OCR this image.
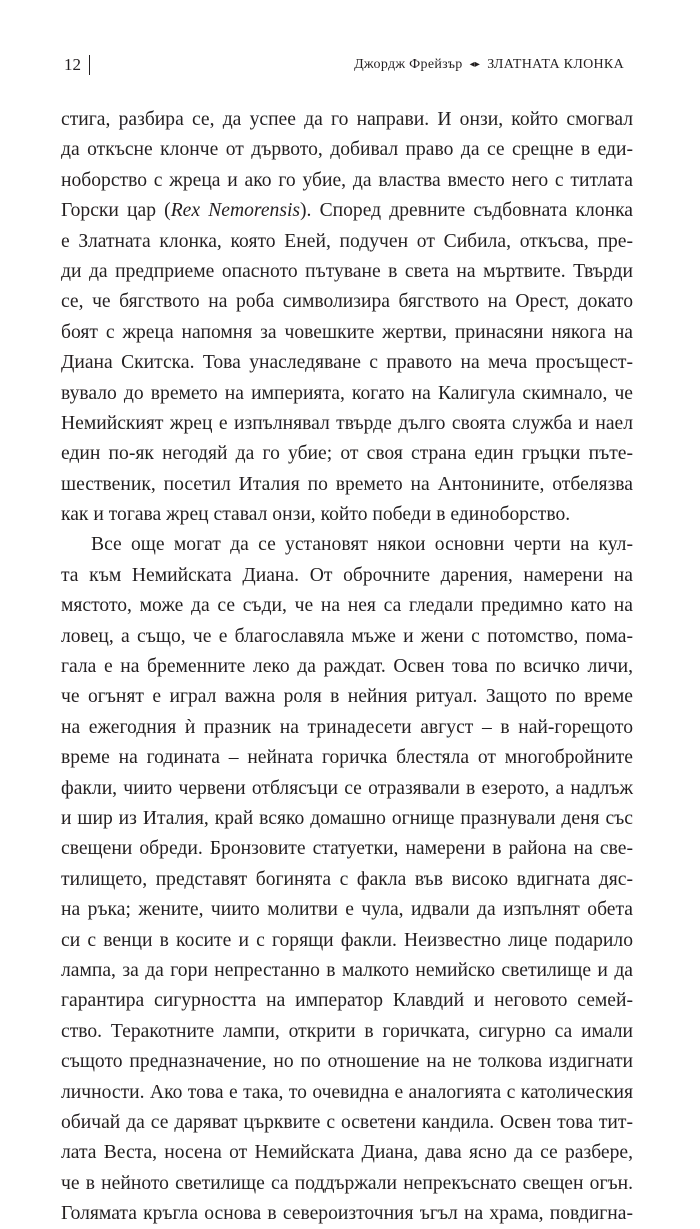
12	Джордж Фрейзър ◂▸ ЗЛАТНАТА КЛОНКА
стига, разбира се, да успее да го направи. И онзи, който смогвал
да откъсне клонче от дървото, добивал право да се срещне в еди-
ноборство с жреца и ако го убие, да властва вместо него с титлата
Горски цар (Rex Nemorensis). Според древните съдбовната клонка
е Златната клонка, която Еней, подучен от Сибила, откъсва, пре-
ди да предприеме опасното пътуване в света на мъртвите. Твърди
се, че бягството на роба символизира бягството на Орест, докато
боят с жреца напомня за човешките жертви, принасяни някога на
Диана Скитска. Това унаследяване с правото на меча просъщест-
вувало до времето на империята, когато на Калигула скимнало, че
Немийският жрец е изпълнявал твърде дълго своята служба и наел
един по-як негодяй да го убие; от своя страна един гръцки пъте-
шественик, посетил Италия по времето на Антонините, отбелязва
как и тогава жрец ставал онзи, който победи в единоборство.
Все още могат да се установят някои основни черти на кул-
та към Немийската Диана. От оброчните дарения, намерени на
мястото, може да се съди, че на нея са гледали предимно като на
ловец, а също, че е благославяла мъже и жени с потомство, пома-
гала е на бременните леко да раждат. Освен това по всичко личи,
че огънят е играл важна роля в нейния ритуал. Защото по време
на ежегодния ѝ празник на тринадесети август – в най-горещото
време на годината – нейната горичка блестяла от многобройните
факли, чиито червени отблясъци се отразявали в езерото, а надлъж
и шир из Италия, край всяко домашно огнище празнували деня със
свещени обреди. Бронзовите статуетки, намерени в района на све-
тилището, представят богинята с факла във високо вдигната дяс-
на ръка; жените, чиито молитви е чула, идвали да изпълнят обета
си с венци в косите и с горящи факли. Неизвестно лице подарило
лампа, за да гори непрестанно в малкото немийско светилище и да
гарантира сигурността на император Клавдий и неговото семей-
ство. Теракотните лампи, открити в горичката, сигурно са имали
същото предназначение, но по отношение на не толкова издигнати
личности. Ако това е така, то очевидна е аналогията с католическия
обичай да се даряват църквите с осветени кандила. Освен това тит-
лата Веста, носена от Немийската Диана, дава ясно да се разбере,
че в нейното светилище са поддържали непрекъснато свещен огън.
Голямата кръгла основа в североизточния ъгъл на храма, повдигна-
